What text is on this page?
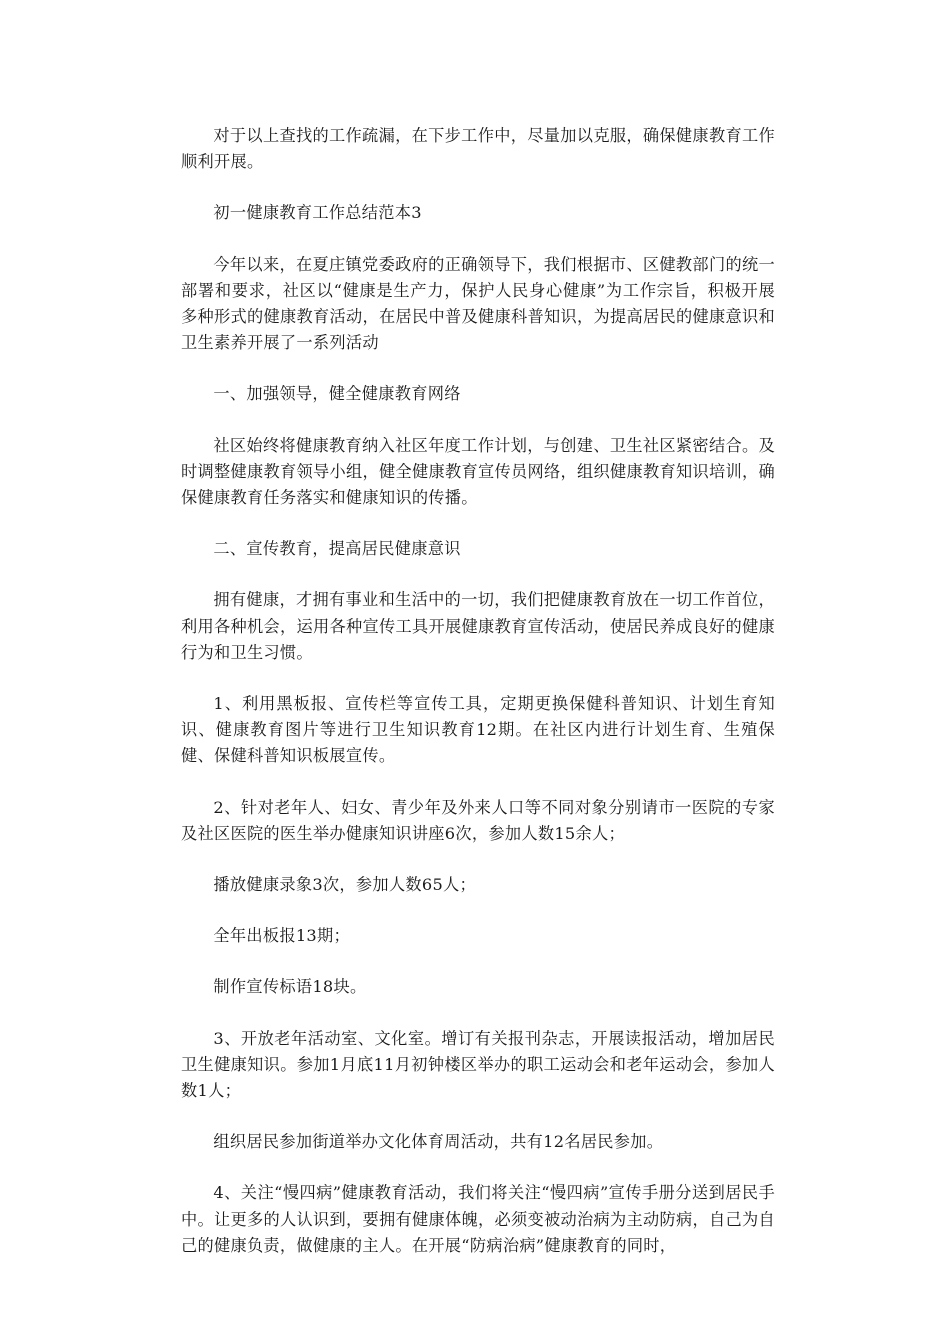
对于以上查找的工作疏漏，在下步工作中，尽量加以克服，确保健康教育工作顺利开展。

初一健康教育工作总结范本3

今年以来，在夏庄镇党委政府的正确领导下，我们根据市、区健教部门的统一部署和要求，社区以“健康是生产力，保护人民身心健康”为工作宗旨，积极开展多种形式的健康教育活动，在居民中普及健康科普知识，为提高居民的健康意识和卫生素养开展了一系列活动

一、加强领导，健全健康教育网络

社区始终将健康教育纳入社区年度工作计划，与创建、卫生社区紧密结合。及时调整健康教育领导小组，健全健康教育宣传员网络，组织健康教育知识培训，确保健康教育任务落实和健康知识的传播。

二、宣传教育，提高居民健康意识

拥有健康，才拥有事业和生活中的一切，我们把健康教育放在一切工作首位，利用各种机会，运用各种宣传工具开展健康教育宣传活动，使居民养成良好的健康行为和卫生习惯。

1、利用黑板报、宣传栏等宣传工具，定期更换保健科普知识、计划生育知识、健康教育图片等进行卫生知识教育12期。在社区内进行计划生育、生殖保健、保健科普知识板展宣传。

2、针对老年人、妇女、青少年及外来人口等不同对象分别请市一医院的专家及社区医院的医生举办健康知识讲座6次，参加人数15余人；

播放健康录象3次，参加人数65人；

全年出板报13期；

制作宣传标语18块。

3、开放老年活动室、文化室。增订有关报刊杂志，开展读报活动，增加居民卫生健康知识。参加1月底11月初钟楼区举办的职工运动会和老年运动会，参加人数1人；

组织居民参加街道举办文化体育周活动，共有12名居民参加。

4、关注“慢四病”健康教育活动，我们将关注“慢四病”宣传手册分送到居民手中。让更多的人认识到，要拥有健康体魄，必须变被动治病为主动防病，自己为自己的健康负责，做健康的主人。在开展“防病治病”健康教育的同时，
